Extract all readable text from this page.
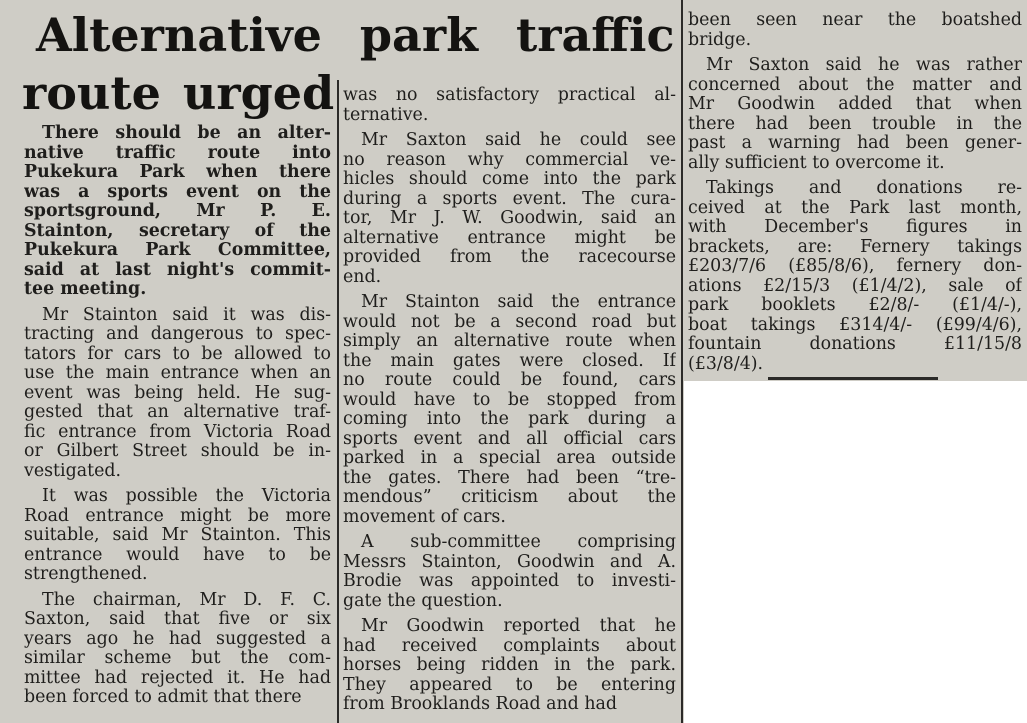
Alternative park traffic
route urged

There should be an alter-
native traffic route into
Pukekura Park when there
was a sports event on the
sportsground, Mr P. E.
Stainton, secretary of the
Pukekura Park Committee,
said at last night's commit-
tee meeting.

Mr Stainton said it was dis-
tracting and dangerous to spec-
tators for cars to be allowed to
use the main entrance when an
event was being held. He sug-
gested that an alternative traf-
fic entrance from Victoria Road
or Gilbert Street should be in-
vestigated.

It was possible the Victoria
Road entrance might be more
suitable, said Mr Stainton. This
entrance would have to be
strengthened.

The chairman, Mr D. F. C.
Saxton, said that five or six
years ago he had suggested a
similar scheme but the com-
mittee had rejected it. He had
been forced to admit that there

was no satisfactory practical al-
ternative.

Mr Saxton said he could see
no reason why commercial ve-
hicles should come into the park
during a sports event. The cura-
tor, Mr J. W. Goodwin, said an
alternative entrance might be
provided from the racecourse
end.

Mr Stainton said the entrance
would not be a second road but
simply an alternative route when
the main gates were closed. If
no route could be found, cars
would have to be stopped from
coming into the park during a
sports event and all official cars
parked in a special area outside
the gates. There had been “tre-
mendous” criticism about the
movement of cars.

A sub-committee comprising
Messrs Stainton, Goodwin and A.
Brodie was appointed to investi-
gate the question.

Mr Goodwin reported that he
had received complaints about
horses being ridden in the park.
They appeared to be entering
from Brooklands Road and had

been seen near the boatshed
bridge.

Mr Saxton said he was rather
concerned about the matter and
Mr Goodwin added that when
there had been trouble in the
past a warning had been gener-
ally sufficient to overcome it.

Takings and donations re-
ceived at the Park last month,
with December's figures in
brackets, are: Fernery takings
£203/7/6 (£85/8/6), fernery don-
ations £2/15/3 (£1/4/2), sale of
park booklets £2/8/- (£1/4/-),
boat takings £314/4/- (£99/4/6),
fountain donations £11/15/8
(£3/8/4).
